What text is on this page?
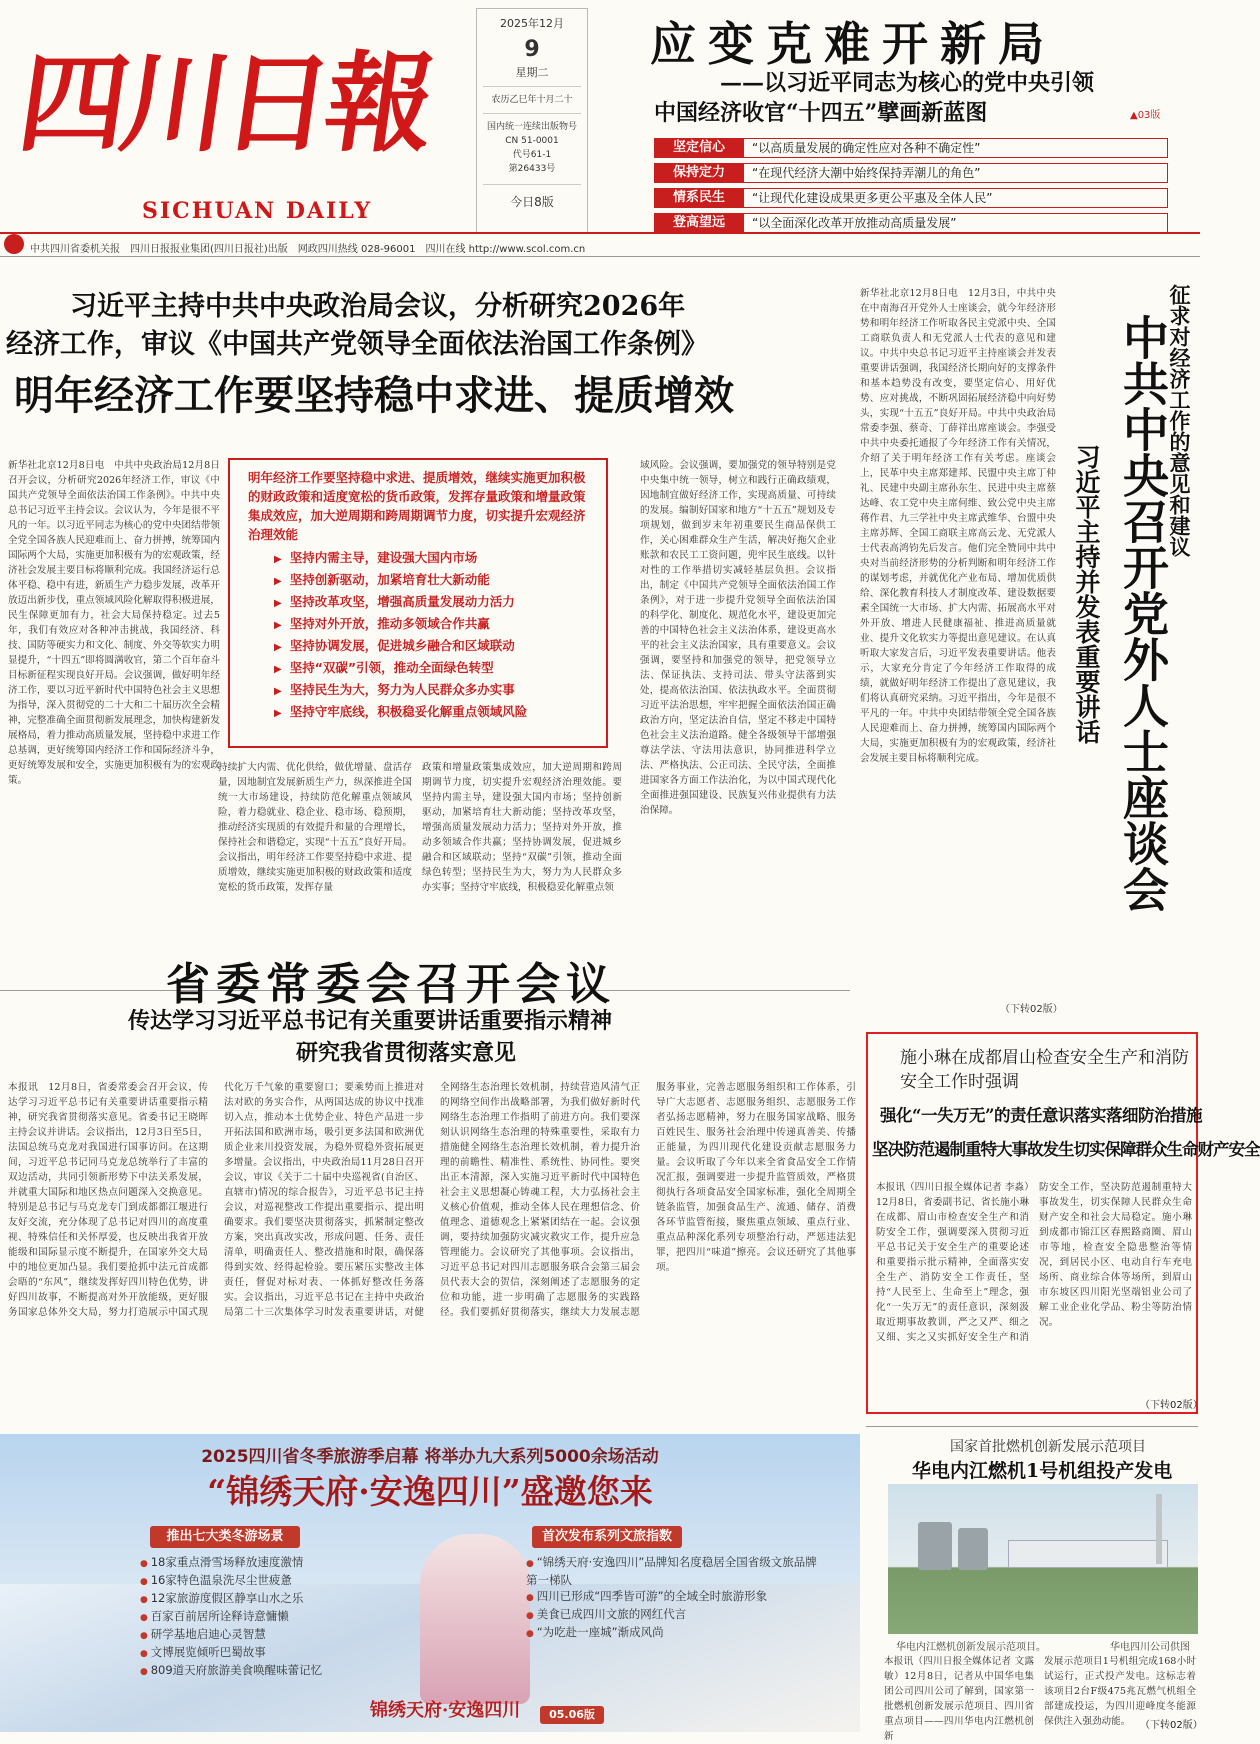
四川日報
SICHUAN DAILY
2025年12月
9
星期二
农历乙巳年十月二十
国内统一连续出版物号
CN 51-0001
代号61-1
第26433号
今日8版
应变克难开新局
——以习近平同志为核心的党中央引领
中国经济收官“十四五”擘画新蓝图	▲03版
坚定信心 “以高质量发展的确定性应对各种不确定性”
保持定力 “在现代经济大潮中始终保持弄潮儿的角色”
情系民生 “让现代化建设成果更多更公平惠及全体人民”
登高望远 “以全面深化改革开放推动高质量发展”
中共四川省委机关报　四川日报报业集团(四川日报社)出版　网政四川热线 028-96001　四川在线 http://www.scol.com.cn
习近平主持中共中央政治局会议，分析研究2026年
经济工作，审议《中国共产党领导全面依法治国工作条例》
明年经济工作要坚持稳中求进、提质增效
新华社北京12月8日电　中共中央政治局12月8日召开会议，分析研究2026年经济工作，审议《中国共产党领导全面依法治国工作条例》。中共中央总书记习近平主持会议。会议认为，今年是很不平凡的一年。以习近平同志为核心的党中央团结带领全党全国各族人民迎难而上、奋力拼搏，统筹国内国际两个大局，实施更加积极有为的宏观政策，经济社会发展主要目标将顺利完成。我国经济运行总体平稳、稳中有进，新质生产力稳步发展，改革开放迈出新步伐，重点领域风险化解取得积极进展，民生保障更加有力，社会大局保持稳定。过去5年，我们有效应对各种冲击挑战，我国经济、科技、国防等硬实力和文化、制度、外交等软实力明显提升，“十四五”即将圆满收官，第二个百年奋斗目标新征程实现良好开局。会议强调，做好明年经济工作，要以习近平新时代中国特色社会主义思想为指导，深入贯彻党的二十大和二十届历次全会精神，完整准确全面贯彻新发展理念，加快构建新发展格局，着力推动高质量发展，坚持稳中求进工作总基调，更好统筹国内经济工作和国际经济斗争，更好统筹发展和安全，实施更加积极有为的宏观政策。
明年经济工作要坚持稳中求进、提质增效，继续实施更加积极的财政政策和适度宽松的货币政策，发挥存量政策和增量政策集成效应，加大逆周期和跨周期调节力度，切实提升宏观经济治理效能
▶ 坚持内需主导，建设强大国内市场
▶ 坚持创新驱动，加紧培育壮大新动能
▶ 坚持改革攻坚，增强高质量发展动力活力
▶ 坚持对外开放，推动多领域合作共赢
▶ 坚持协调发展，促进城乡融合和区域联动
▶ 坚持“双碳”引领，推动全面绿色转型
▶ 坚持民生为大，努力为人民群众多办实事
▶ 坚持守牢底线，积极稳妥化解重点领域风险
持续扩大内需、优化供给，做优增量、盘活存量，因地制宜发展新质生产力，纵深推进全国统一大市场建设，持续防范化解重点领域风险，着力稳就业、稳企业、稳市场、稳预期，推动经济实现质的有效提升和量的合理增长，保持社会和谐稳定，实现“十五五”良好开局。会议指出，明年经济工作要坚持稳中求进、提质增效，继续实施更加积极的财政政策和适度宽松的货币政策，发挥存量
政策和增量政策集成效应，加大逆周期和跨周期调节力度，切实提升宏观经济治理效能。要坚持内需主导，建设强大国内市场；坚持创新驱动，加紧培育壮大新动能；坚持改革攻坚，增强高质量发展动力活力；坚持对外开放，推动多领域合作共赢；坚持协调发展，促进城乡融合和区域联动；坚持“双碳”引领，推动全面绿色转型；坚持民生为大，努力为人民群众多办实事；坚持守牢底线，积极稳妥化解重点领
域风险。会议强调，要加强党的领导特别是党中央集中统一领导，树立和践行正确政绩观，因地制宜做好经济工作，实现高质量、可持续的发展。编制好国家和地方“十五五”规划及专项规划，做到岁末年初重要民生商品保供工作，关心困难群众生产生活，解决好拖欠企业账款和农民工工资问题，兜牢民生底线。以针对性的工作举措切实减轻基层负担。会议指出，制定《中国共产党领导全面依法治国工作条例》，对于进一步提升党领导全面依法治国的科学化、制度化、规范化水平，建设更加完善的中国特色社会主义法治体系，建设更高水平的社会主义法治国家，具有重要意义。会议强调，要坚持和加强党的领导，把党领导立法、保证执法、支持司法、带头守法落到实处，提高依法治国、依法执政水平。全面贯彻习近平法治思想，牢牢把握全面依法治国正确政治方向，坚定法治自信，坚定不移走中国特色社会主义法治道路。健全各级领导干部增强尊法学法、守法用法意识，协同推进科学立法、严格执法、公正司法、全民守法，全面推进国家各方面工作法治化，为以中国式现代化全面推进强国建设、民族复兴伟业提供有力法治保障。
新华社北京12月8日电　12月3日，中共中央在中南海召开党外人士座谈会，就今年经济形势和明年经济工作听取各民主党派中央、全国工商联负责人和无党派人士代表的意见和建议。中共中央总书记习近平主持座谈会并发表重要讲话强调，我国经济长期向好的支撑条件和基本趋势没有改变，要坚定信心、用好优势、应对挑战，不断巩固拓展经济稳中向好势头，实现“十五五”良好开局。中共中央政治局常委李强、蔡奇、丁薛祥出席座谈会。李强受中共中央委托通报了今年经济工作有关情况，介绍了关于明年经济工作有关考虑。座谈会上，民革中央主席郑建邦、民盟中央主席丁仲礼、民建中央副主席孙东生、民进中央主席蔡达峰、农工党中央主席何维、致公党中央主席蒋作君、九三学社中央主席武维华、台盟中央主席苏辉、全国工商联主席高云龙、无党派人士代表高鸿钧先后发言。他们完全赞同中共中央对当前经济形势的分析判断和明年经济工作的谋划考虑，并就优化产业布局、增加优质供给、深化教育科技人才制度改革、建设数据要素全国统一大市场、扩大内需、拓展高水平对外开放、增进人民健康福祉、推进高质量就业、提升文化软实力等提出意见建议。在认真听取大家发言后，习近平发表重要讲话。他表示，大家充分肯定了今年经济工作取得的成绩，就做好明年经济工作提出了意见建议，我们将认真研究采纳。习近平指出，今年是很不平凡的一年。中共中央团结带领全党全国各族人民迎难而上、奋力拼搏，统筹国内国际两个大局，实施更加积极有为的宏观政策，经济社会发展主要目标将顺利完成。
（下转02版）
征求对经济工作的意见和建议
中共中央召开党外人士座谈会
习近平主持并发表重要讲话
省委常委会召开会议
传达学习习近平总书记有关重要讲话重要指示精神
研究我省贯彻落实意见
本报讯　12月8日，省委常委会召开会议，传达学习习近平总书记有关重要讲话重要指示精神，研究我省贯彻落实意见。省委书记王晓晖主持会议并讲话。会议指出，12月3日至5日，法国总统马克龙对我国进行国事访问。在这期间，习近平总书记同马克龙总统举行了丰富的双边活动，共同引领新形势下中法关系发展，并就重大国际和地区热点问题深入交换意见。特别是总书记与马克龙专门到成都都江堰进行友好交流，充分体现了总书记对四川的高度重视、特殊信任和关怀厚爱，也反映出我省开放能级和国际显示度不断提升，在国家外交大局中的地位更加凸显。我们要抢抓中法元首成都会晤的“东风”，继续发挥好四川特色优势，讲好四川故事，不断提高对外开放能级，更好服务国家总体外交大局，努力打造展示中国式现代化万千气象的重要窗口；要乘势而上推进对法对欧的务实合作，从两国达成的协议中找准切入点，推动本土优势企业、特色产品进一步开拓法国和欧洲市场，吸引更多法国和欧洲优质企业来川投资发展，为稳外贸稳外资拓展更多增量。会议指出，中央政治局11月28日召开会议，审议《关于二十届中央巡视省(自治区、直辖市)情况的综合报告》，习近平总书记主持会议，对巡视整改工作提出重要指示、提出明确要求。我们要坚决贯彻落实，抓紧制定整改方案，突出真改实改，形成问题、任务、责任清单，明确责任人、整改措施和时限，确保落得到实效、经得起检验。要压紧压实整改主体责任，督促对标对表、一体抓好整改任务落实。会议指出，习近平总书记在主持中央政治局第二十三次集体学习时发表重要讲话，对健全网络生态治理长效机制，持续营造风清气正的网络空间作出战略部署，为我们做好新时代网络生态治理工作指明了前进方向。我们要深刻认识网络生态治理的特殊重要性，采取有力措施健全网络生态治理长效机制，着力提升治理的前瞻性、精准性、系统性、协同性。要突出正本清源，深入实施习近平新时代中国特色社会主义思想凝心铸魂工程，大力弘扬社会主义核心价值观，推动全体人民在理想信念、价值理念、道德观念上紧紧团结在一起。会议强调，要持续加强防灾减灾救灾工作，提升应急管理能力。会议研究了其他事项。会议指出，习近平总书记对四川志愿服务联合会第三届会员代表大会的贺信，深刻阐述了志愿服务的定位和功能，进一步明确了志愿服务的实践路径。我们要抓好贯彻落实，继续大力发展志愿服务事业，完善志愿服务组织和工作体系，引导广大志愿者、志愿服务组织、志愿服务工作者弘扬志愿精神，努力在服务国家战略、服务百姓民生、服务社会治理中传递真善美、传播正能量，为四川现代化建设贡献志愿服务力量。会议听取了今年以来全省食品安全工作情况汇报，强调要进一步提升监管质效，严格贯彻执行各项食品安全国家标准，强化全周期全链条监管，加强食品生产、流通、储存、消费各环节监管衔接，聚焦重点领域、重点行业、重点品种深化系列专项整治行动，严惩违法犯罪，把四川“味道”擦亮。会议还研究了其他事项。
施小琳在成都眉山检查安全生产和消防安全工作时强调
强化“一失万无”的责任意识落实落细防治措施
坚决防范遏制重特大事故发生切实保障群众生命财产安全
本报讯（四川日报全媒体记者 李淼）12月8日，省委副书记、省长施小琳在成都、眉山市检查安全生产和消防安全工作，强调要深入贯彻习近平总书记关于安全生产的重要论述和重要指示批示精神，全面落实安全生产、消防安全工作责任，坚持“人民至上、生命至上”理念，强化“一失万无”的责任意识，深刻汲取近期事故教训，严之又严、细之又细、实之又实抓好安全生产和消防安全工作，坚决防范遏制重特大事故发生，切实保障人民群众生命财产安全和社会大局稳定。施小琳到成都市锦江区春熙路商圈、眉山市等地，检查安全隐患整治等情况，到居民小区、电动自行车充电场所、商业综合体等场所，到眉山市东坡区四川阳光坚端铝业公司了解工业企业化学品、粉尘等防治情况。
（下转02版）
2025四川省冬季旅游季启幕 将举办九大系列5000余场活动
“锦绣天府·安逸四川”盛邀您来
推出七大类冬游场景
● 18家重点滑雪场释放速度激情
● 16家特色温泉洗尽尘世疲惫
● 12家旅游度假区静享山水之乐
● 百家百前居所诠释诗意慵懒
● 研学基地启迪心灵智慧
● 文博展览倾听巴蜀故事
● 809道天府旅游美食唤醒味蕾记忆
首次发布系列文旅指数
● “锦绣天府·安逸四川”品牌知名度稳居全国省级文旅品牌第一梯队
● 四川已形成“四季皆可游”的全域全时旅游形象
● 美食已成四川文旅的网红代言
● “为吃赴一座城”渐成风尚
锦绣天府·安逸四川	05.06版
国家首批燃机创新发展示范项目
华电内江燃机1号机组投产发电
华电内江燃机创新发展示范项目。	华电四川公司供图
本报讯（四川日报全媒体记者 文露敏）12月8日，记者从中国华电集团公司四川公司了解到，国家第一批燃机创新发展示范项目、四川省重点项目——四川华电内江燃机创新
发展示范项目1号机组完成168小时试运行，正式投产发电。这标志着该项目2台F级475兆瓦燃气机组全部建成投运，为四川迎峰度冬能源保供注入强劲动能。 （下转02版）
